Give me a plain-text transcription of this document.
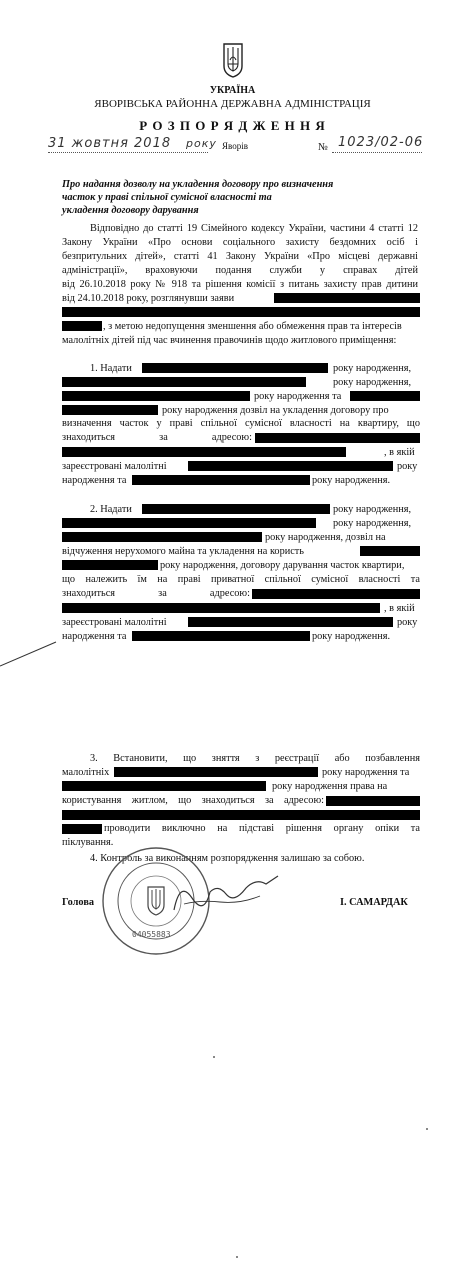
УКРАЇНА
ЯВОРІВСЬКА РАЙОННА ДЕРЖАВНА АДМІНІСТРАЦІЯ
Р О З П О Р Я Д Ж Е Н Н Я
31 жовтня 2018 року Яворів	№ 1023/02-06
Про надання дозволу на укладення договору про визначення
часток у праві спільної сумісної власності та
укладення договору дарування
Відповідно до статті 19 Сімейного кодексу України, частини 4 статті 12
Закону України «Про основи соціального захисту бездомних осіб і
безпритульних дітей», статті 41 Закону України «Про місцеві державні
адміністрації», враховуючи подання служби у справах дітей
від 26.10.2018 року № 918 та рішення комісії з питань захисту прав дитини
від 24.10.2018 року, розглянувши заяви
, з метою недопущення зменшення або обмеження прав та інтересів
малолітніх дітей під час вчинення правочинів щодо житлового приміщення:
1. Надати	року народження,
року народження,
року народження та
року народження дозвіл на укладення договору про
визначення часток у праві спільної сумісної власності на квартиру, що
знаходиться за адресою:
, в якій
зареєстровані малолітні	року
народження та	року народження.
2. Надати	року народження,
року народження,
року народження, дозвіл на
відчуження нерухомого майна та укладення на користь
року народження, договору дарування часток квартири,
що належить їм на праві приватної спільної сумісної власності та
знаходиться за адресою:
, в якій
зареєстровані малолітні	року
народження та	року народження.
3. Встановити, що зняття з реєстрації або позбавлення
малолітніх	року народження та
року народження права на
користування житлом, що знаходиться за адресою:
проводити виключно на підставі рішення органу опіки та
піклування.
4. Контроль за виконанням розпорядження залишаю за собою.
Голова	І. САМАРДАК
04055883
